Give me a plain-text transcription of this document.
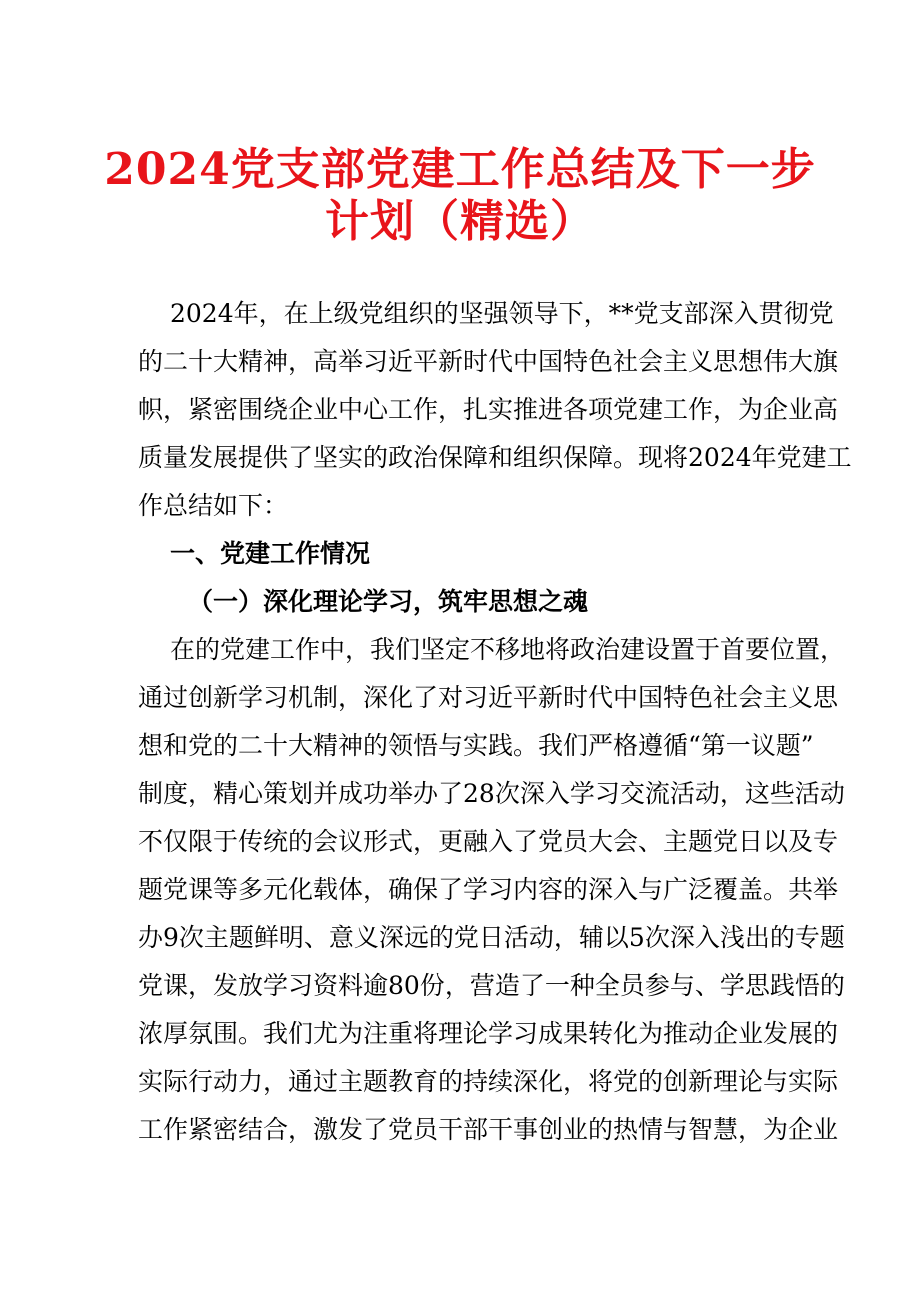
2024党支部党建工作总结及下一步
计划（精选）
2024年，在上级党组织的坚强领导下，**党支部深入贯彻党
的二十大精神，高举习近平新时代中国特色社会主义思想伟大旗
帜，紧密围绕企业中心工作，扎实推进各项党建工作，为企业高
质量发展提供了坚实的政治保障和组织保障。现将2024年党建工
作总结如下：
一、党建工作情况
（一）深化理论学习，筑牢思想之魂
在的党建工作中，我们坚定不移地将政治建设置于首要位置，
通过创新学习机制，深化了对习近平新时代中国特色社会主义思
想和党的二十大精神的领悟与实践。我们严格遵循“第一议题”
制度，精心策划并成功举办了28次深入学习交流活动，这些活动
不仅限于传统的会议形式，更融入了党员大会、主题党日以及专
题党课等多元化载体，确保了学习内容的深入与广泛覆盖。共举
办9次主题鲜明、意义深远的党日活动，辅以5次深入浅出的专题
党课，发放学习资料逾80份，营造了一种全员参与、学思践悟的
浓厚氛围。我们尤为注重将理论学习成果转化为推动企业发展的
实际行动力，通过主题教育的持续深化，将党的创新理论与实际
工作紧密结合，激发了党员干部干事创业的热情与智慧，为企业
